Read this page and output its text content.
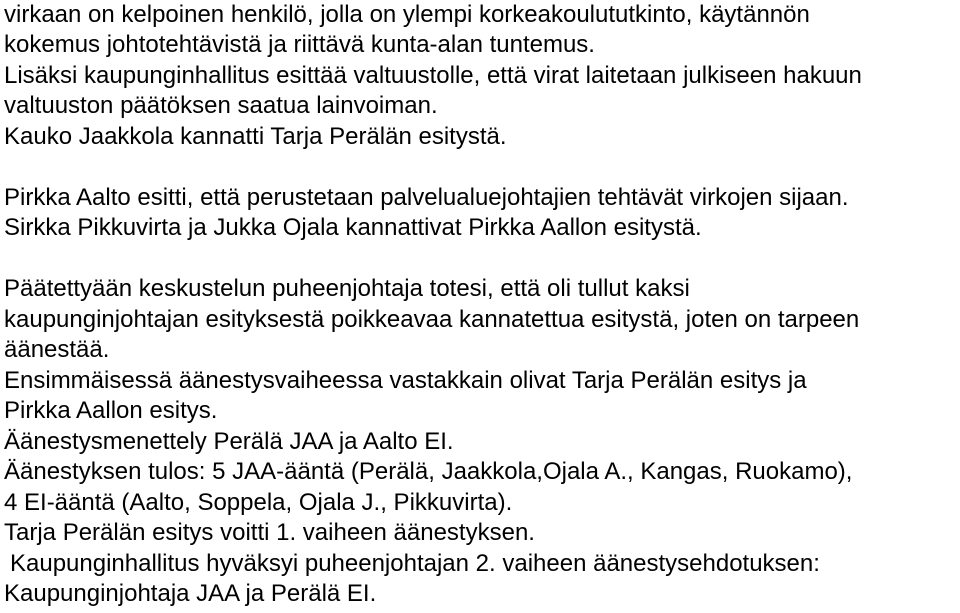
virkaan on kelpoinen henkilö, jolla on ylempi korkeakoulututkinto, käytännön
kokemus johtotehtävistä ja riittävä kunta-alan tuntemus.
Lisäksi kaupunginhallitus esittää valtuustolle, että virat laitetaan julkiseen hakuun
valtuuston päätöksen saatua lainvoiman.
Kauko Jaakkola kannatti Tarja Perälän esitystä.
Pirkka Aalto esitti, että perustetaan palvelualuejohtajien tehtävät virkojen sijaan.
Sirkka Pikkuvirta ja Jukka Ojala kannattivat Pirkka Aallon esitystä.
Päätettyään keskustelun puheenjohtaja totesi, että oli tullut kaksi
kaupunginjohtajan esityksestä poikkeavaa kannatettua esitystä, joten on tarpeen
äänestää.
Ensimmäisessä äänestysvaiheessa vastakkain olivat Tarja Perälän esitys ja
Pirkka Aallon esitys.
Äänestysmenettely Perälä JAA ja Aalto EI.
Äänestyksen tulos: 5 JAA-ääntä (Perälä, Jaakkola,Ojala A., Kangas, Ruokamo),
4 EI-ääntä (Aalto, Soppela, Ojala J., Pikkuvirta).
Tarja Perälän esitys voitti 1. vaiheen äänestyksen.
Kaupunginhallitus hyväksyi puheenjohtajan 2. vaiheen äänestysehdotuksen:
Kaupunginjohtaja JAA ja Perälä EI.
